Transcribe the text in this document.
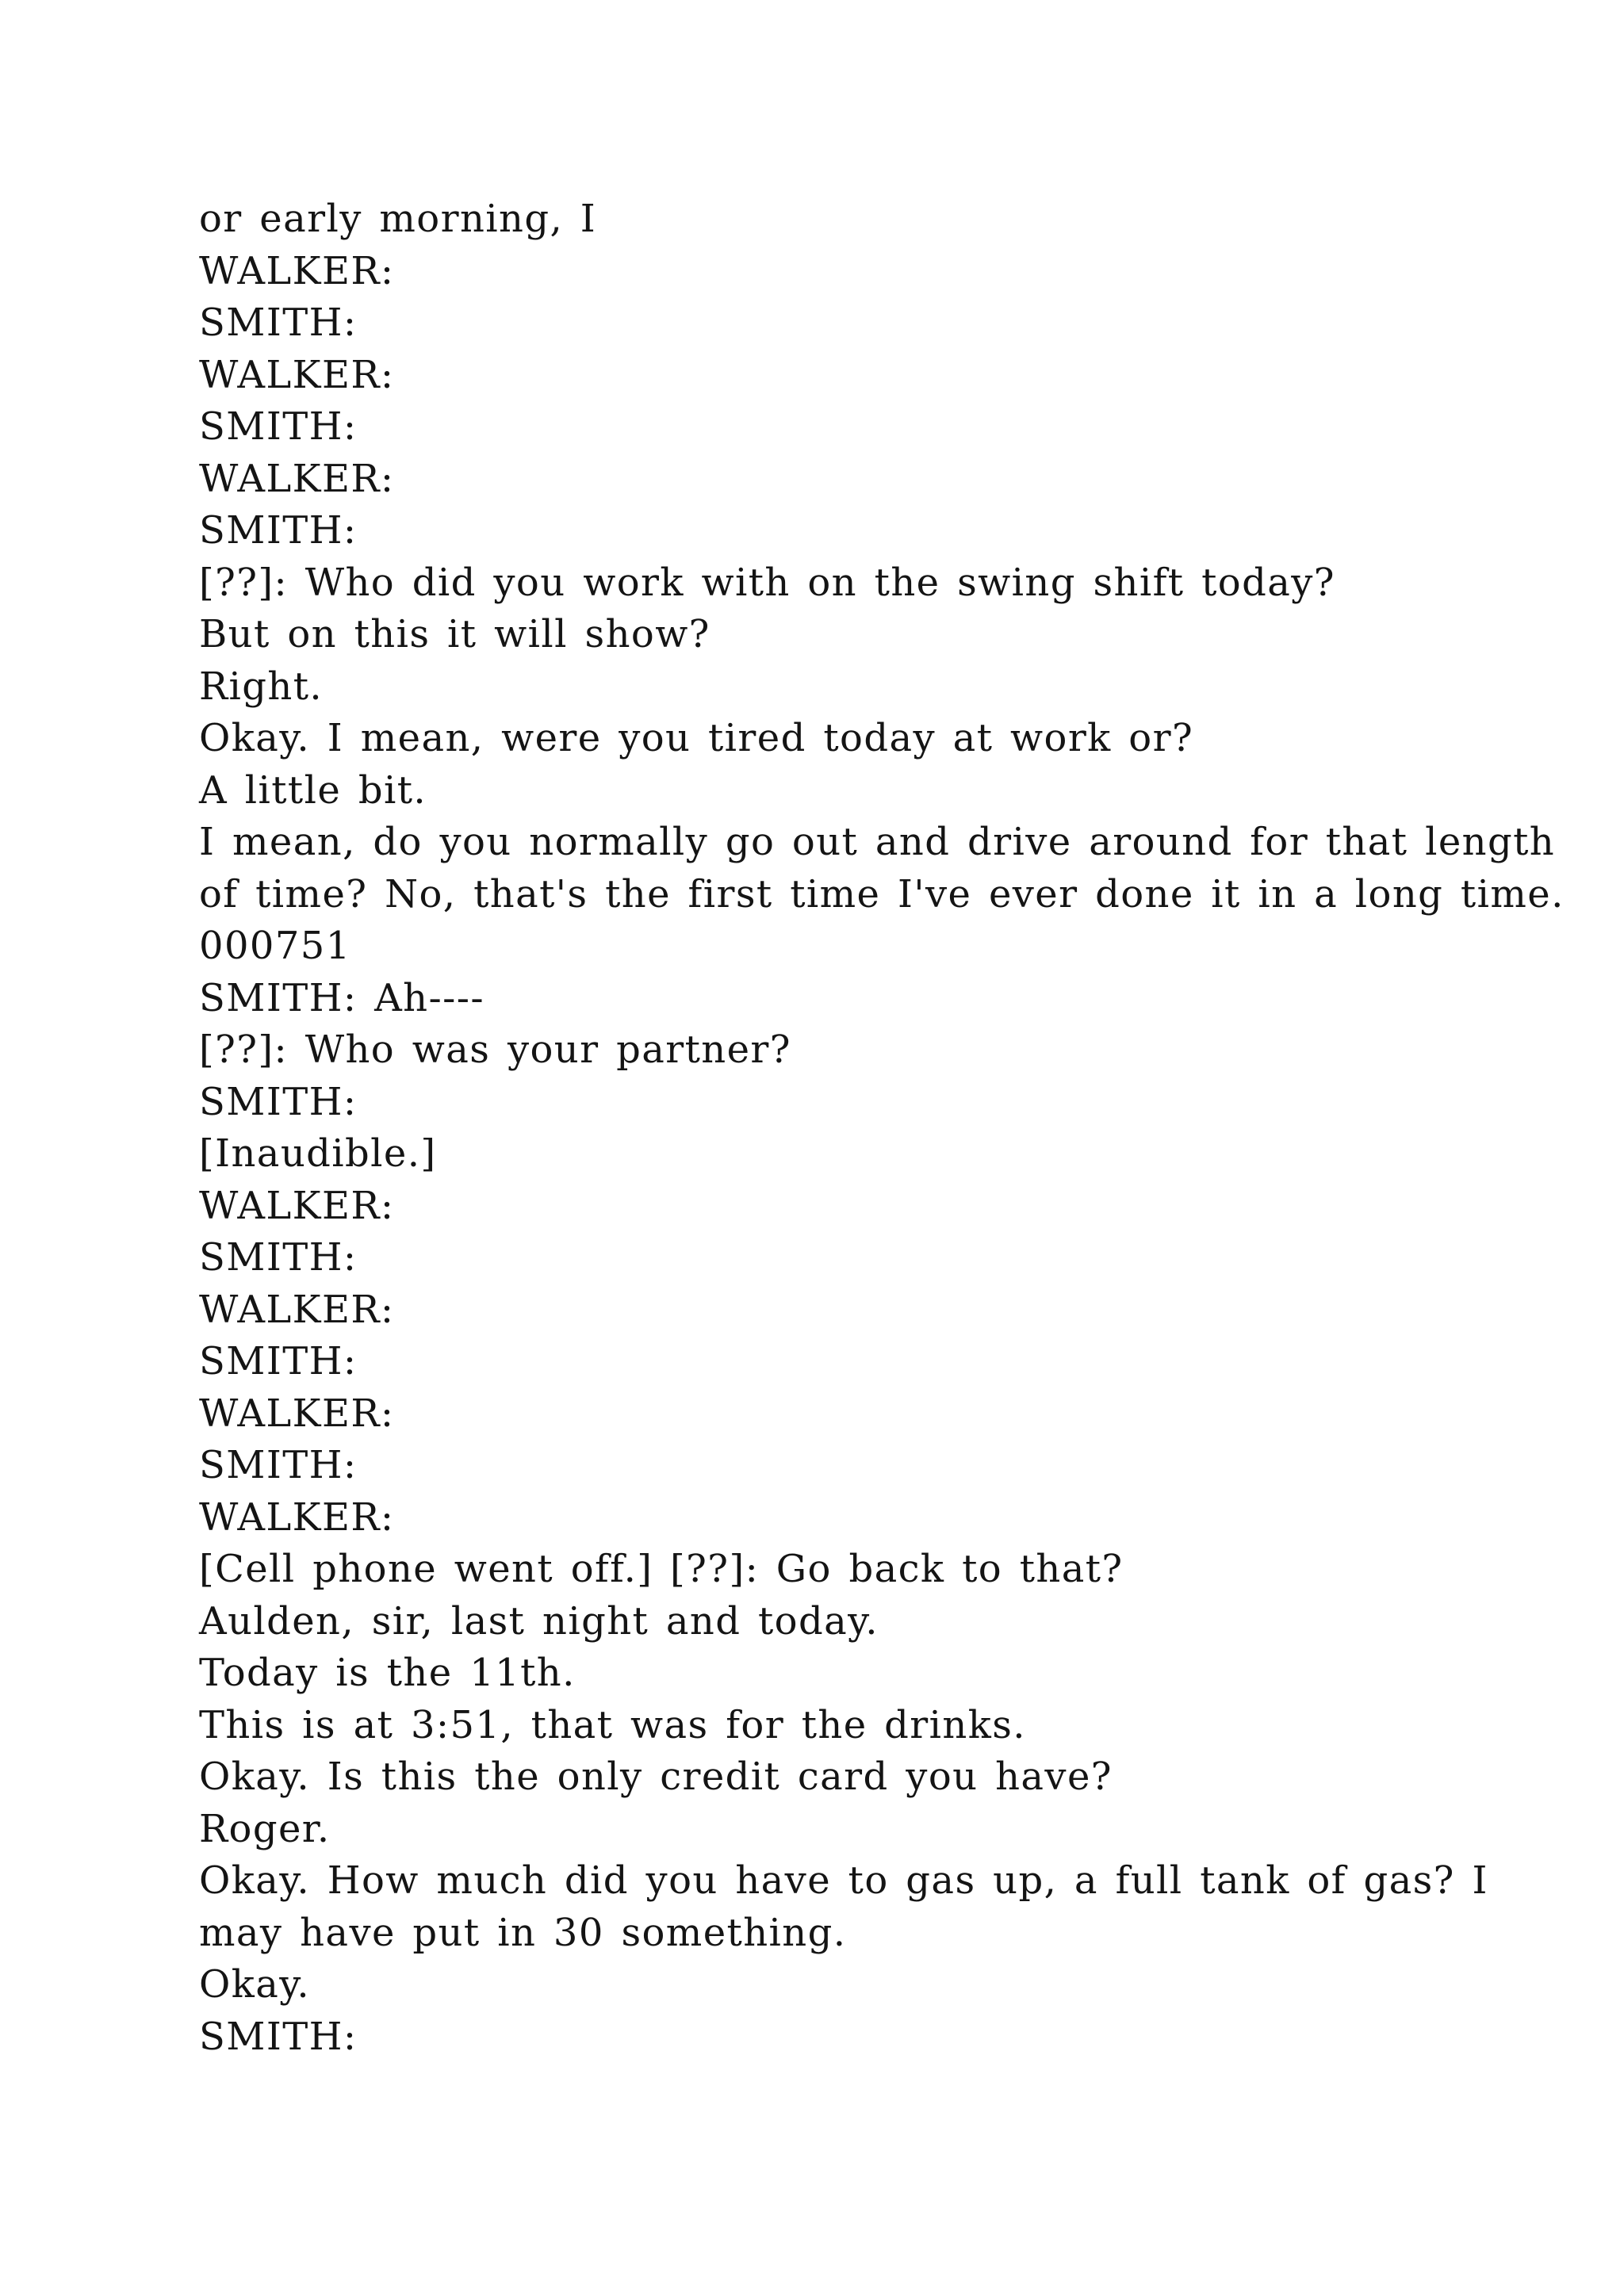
or early morning, I
WALKER:
SMITH:
WALKER:
SMITH:
WALKER:
SMITH:
[??]: Who did you work with on the swing shift today?
But on this it will show?
Right.
Okay. I mean, were you tired today at work or?
A little bit.
I mean, do you normally go out and drive around for that length
of time? No, that's the first time I've ever done it in a long time.
000751
SMITH: Ah----
[??]: Who was your partner?
SMITH:
[Inaudible.]
WALKER:
SMITH:
WALKER:
SMITH:
WALKER:
SMITH:
WALKER:
[Cell phone went off.] [??]: Go back to that?
Aulden, sir, last night and today.
Today is the 11th.
This is at 3:51, that was for the drinks.
Okay. Is this the only credit card you have?
Roger.
Okay. How much did you have to gas up, a full tank of gas? I
may have put in 30 something.
Okay.
SMITH:
